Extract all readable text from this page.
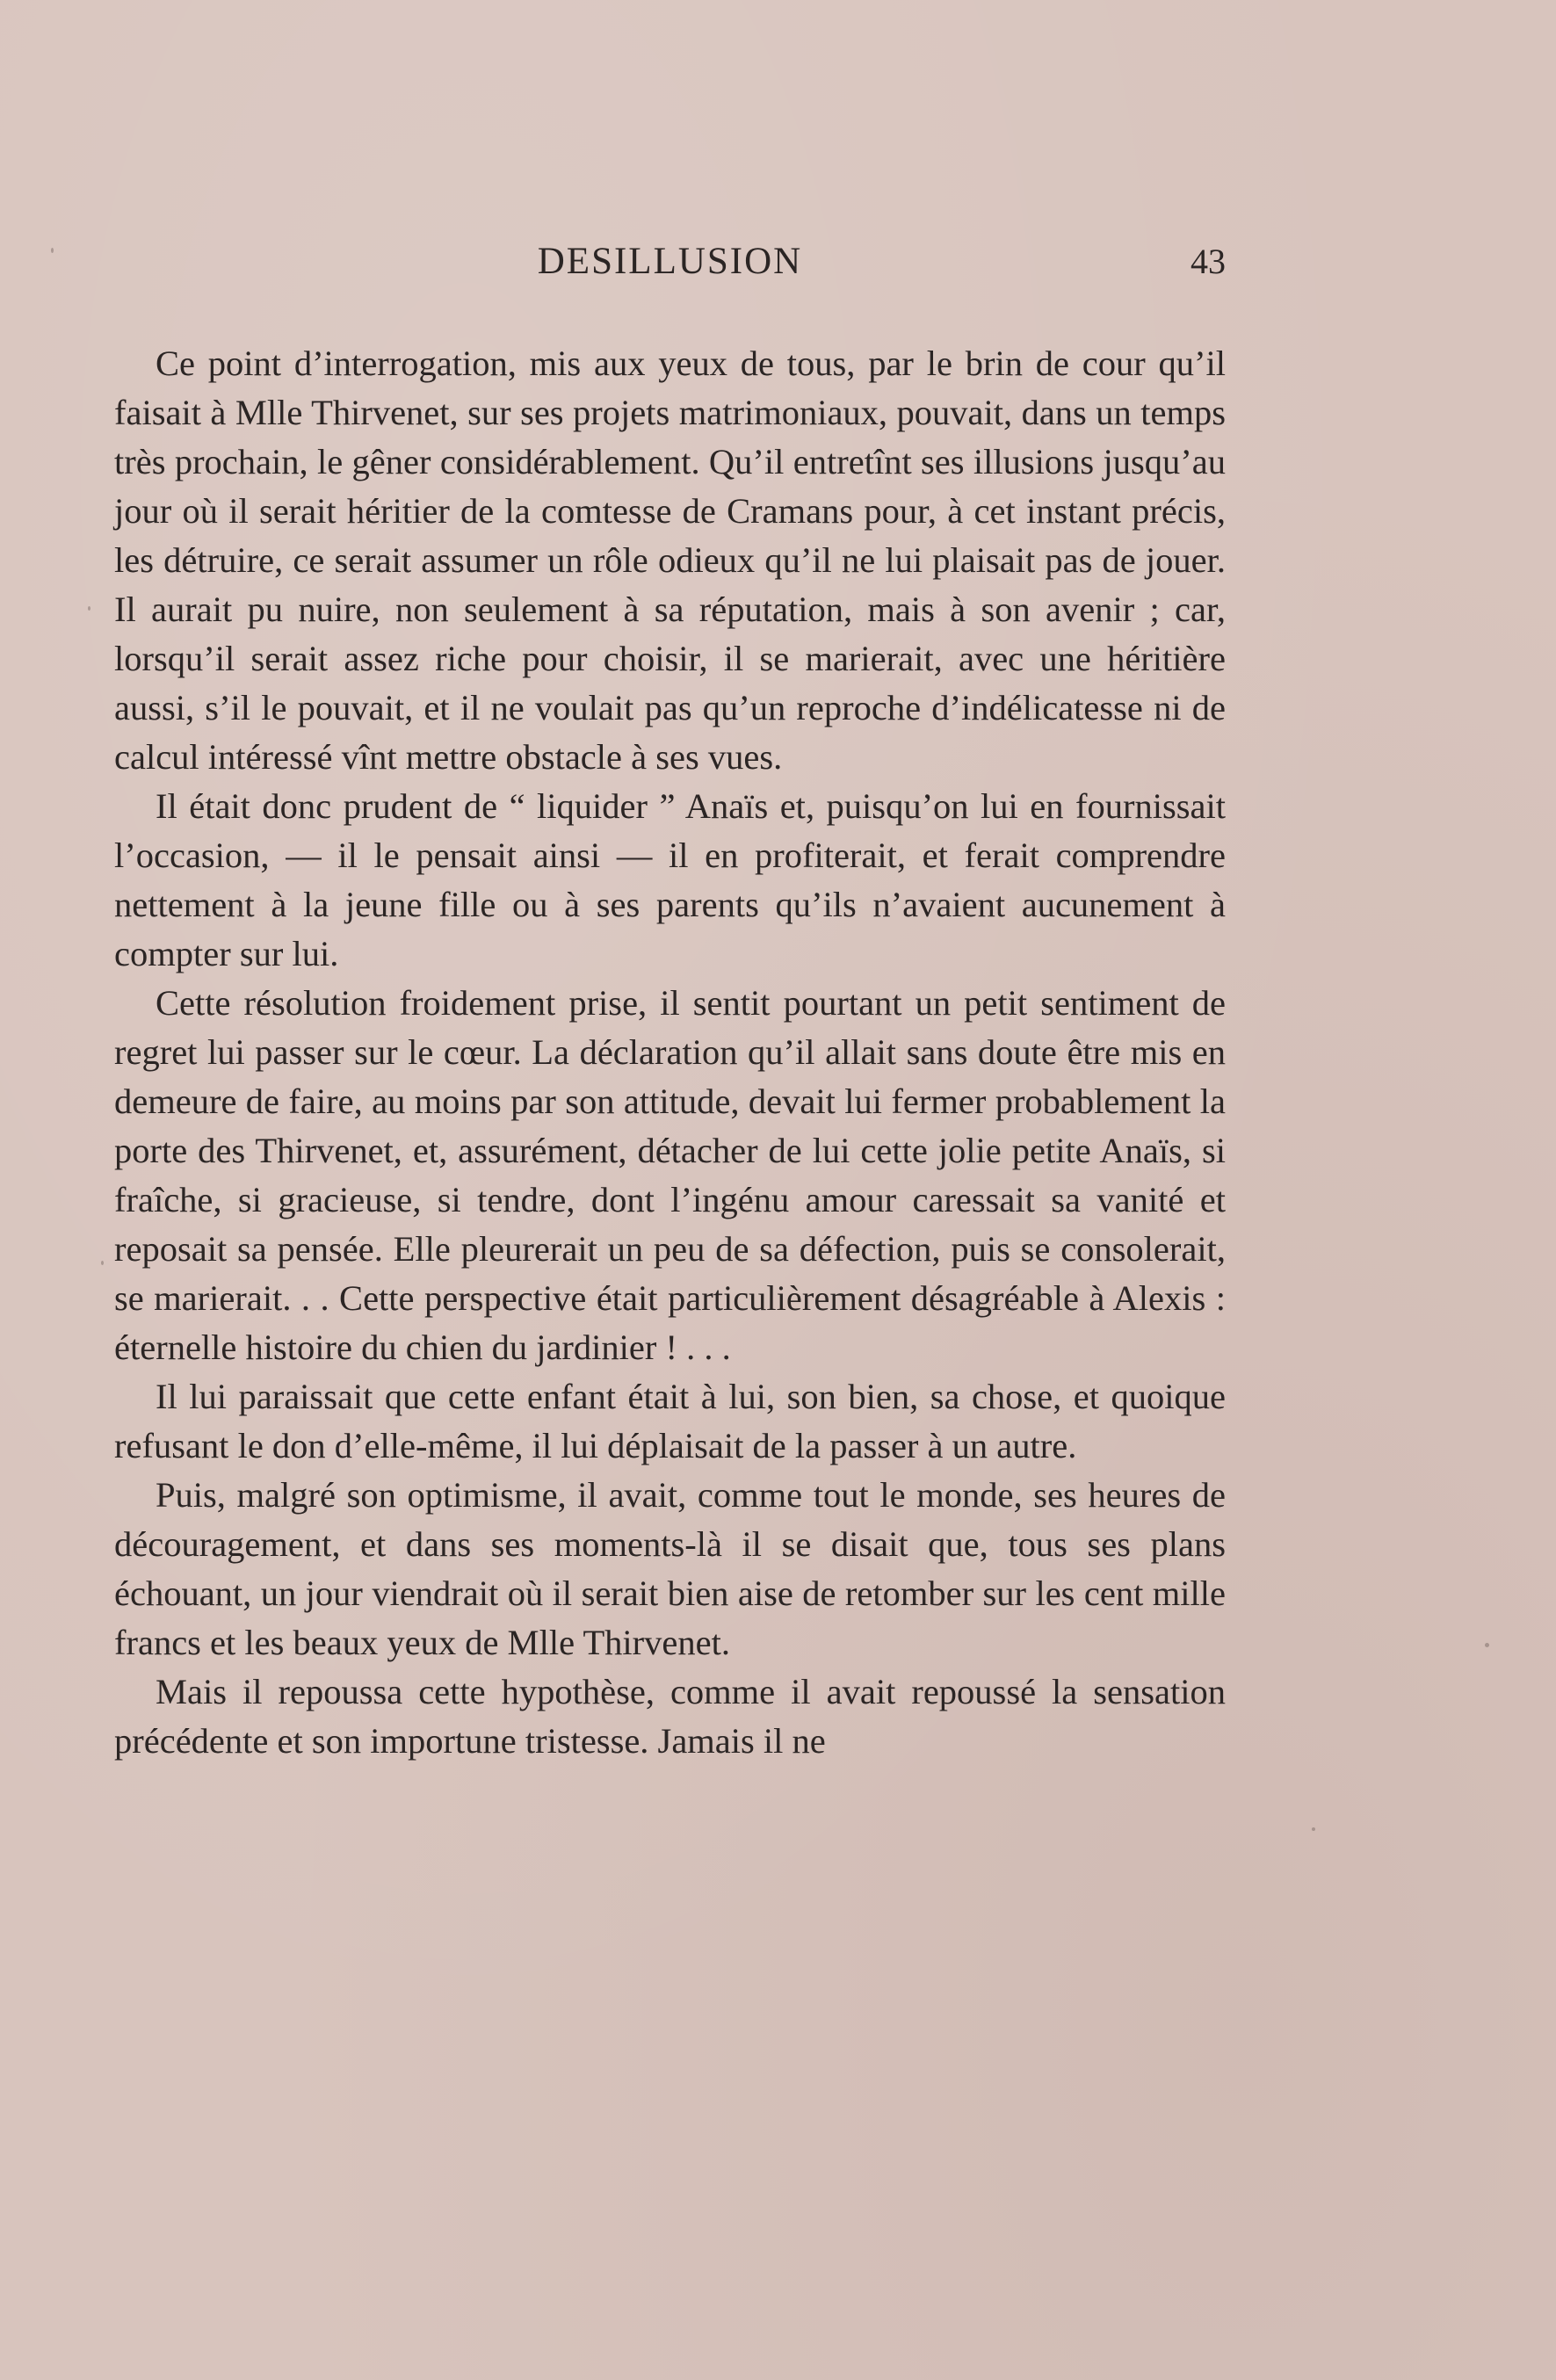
DESILLUSION	43

Ce point d’interrogation, mis aux yeux de tous, par le brin de cour qu’il faisait à Mlle Thirvenet, sur ses projets matrimoniaux, pouvait, dans un temps très prochain, le gêner considérablement. Qu’il entretînt ses illusions jusqu’au jour où il serait héritier de la comtesse de Cramans pour, à cet instant précis, les détruire, ce serait assumer un rôle odieux qu’il ne lui plaisait pas de jouer. Il aurait pu nuire, non seulement à sa réputation, mais à son avenir ; car, lorsqu’il serait assez riche pour choisir, il se marierait, avec une héritière aussi, s’il le pouvait, et il ne voulait pas qu’un reproche d’indélicatesse ni de calcul intéressé vînt mettre obstacle à ses vues.

Il était donc prudent de “ liquider ” Anaïs et, puisqu’on lui en fournissait l’occasion, — il le pensait ainsi — il en profiterait, et ferait comprendre nettement à la jeune fille ou à ses parents qu’ils n’avaient aucunement à compter sur lui.

Cette résolution froidement prise, il sentit pourtant un petit sentiment de regret lui passer sur le cœur. La déclaration qu’il allait sans doute être mis en demeure de faire, au moins par son attitude, devait lui fermer probablement la porte des Thirvenet, et, assurément, détacher de lui cette jolie petite Anaïs, si fraîche, si gracieuse, si tendre, dont l’ingénu amour caressait sa vanité et reposait sa pensée. Elle pleurerait un peu de sa défection, puis se consolerait, se marierait. . . Cette perspective était particulièrement désagréable à Alexis : éternelle histoire du chien du jardinier ! . . .

Il lui paraissait que cette enfant était à lui, son bien, sa chose, et quoique refusant le don d’elle-même, il lui déplaisait de la passer à un autre.

Puis, malgré son optimisme, il avait, comme tout le monde, ses heures de découragement, et dans ses moments-là il se disait que, tous ses plans échouant, un jour viendrait où il serait bien aise de retomber sur les cent mille francs et les beaux yeux de Mlle Thirvenet.

Mais il repoussa cette hypothèse, comme il avait repoussé la sensation précédente et son importune tristesse. Jamais il ne
